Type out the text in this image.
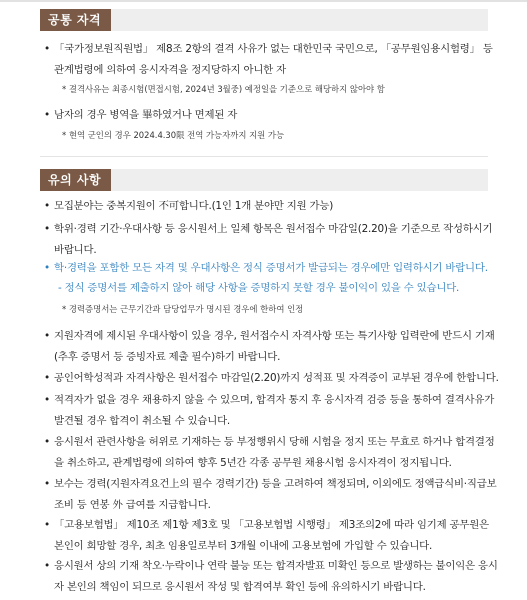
공통 자격
• 「국가정보원직원법」 제8조 2항의 결격 사유가 없는 대한민국 국민으로, 「공무원임용시험령」 등 관계법령에 의하여 응시자격을 정지당하지 아니한 자
* 결격사유는 최종시험(면접시험, 2024년 3월중) 예정일을 기준으로 해당하지 않아야 함
• 남자의 경우 병역을 畢하였거나 면제된 자
* 현역 군인의 경우 2024.4.30限 전역 가능자까지 지원 가능
유의 사항
• 모집분야는 중복지원이 不可합니다.(1인 1개 분야만 지원 가능)
• 학위·경력 기간·우대사항 등 응시원서上 일체 항목은 원서접수 마감일(2.20)을 기준으로 작성하시기 바랍니다.
• 학·경력을 포함한 모든 자격 및 우대사항은 정식 증명서가 발급되는 경우에만 입력하시기 바랍니다.
- 정식 증명서를 제출하지 않아 해당 사항을 증명하지 못할 경우 불이익이 있을 수 있습니다.
* 경력증명서는 근무기간과 담당업무가 명시된 경우에 한하여 인정
• 지원자격에 제시된 우대사항이 있을 경우, 원서접수시 자격사항 또는 특기사항 입력란에 반드시 기재(추후 증명서 등 증빙자료 제출 필수)하기 바랍니다.
• 공인어학성적과 자격사항은 원서접수 마감일(2.20)까지 성적표 및 자격증이 교부된 경우에 한합니다.
• 적격자가 없을 경우 채용하지 않을 수 있으며, 합격자 통지 후 응시자격 검증 등을 통하여 결격사유가 발견될 경우 합격이 취소될 수 있습니다.
• 응시원서 관련사항을 허위로 기재하는 등 부정행위시 당해 시험을 정지 또는 무효로 하거나 합격결정을 취소하고, 관계법령에 의하여 향후 5년간 각종 공무원 채용시험 응시자격이 정지됩니다.
• 보수는 경력(지원자격요건上의 필수 경력기간) 등을 고려하여 책정되며, 이외에도 정액급식비·직급보조비 등 연봉 外 급여를 지급합니다.
• 「고용보험법」 제10조 제1항 제3호 및 「고용보험법 시행령」 제3조의2에 따라 임기제 공무원은 본인이 희망할 경우, 최초 임용일로부터 3개월 이내에 고용보험에 가입할 수 있습니다.
• 응시원서 상의 기재 착오·누락이나 연락 불능 또는 합격자발표 미확인 등으로 발생하는 불이익은 응시자 본인의 책임이 되므로 응시원서 작성 및 합격여부 확인 등에 유의하시기 바랍니다.
